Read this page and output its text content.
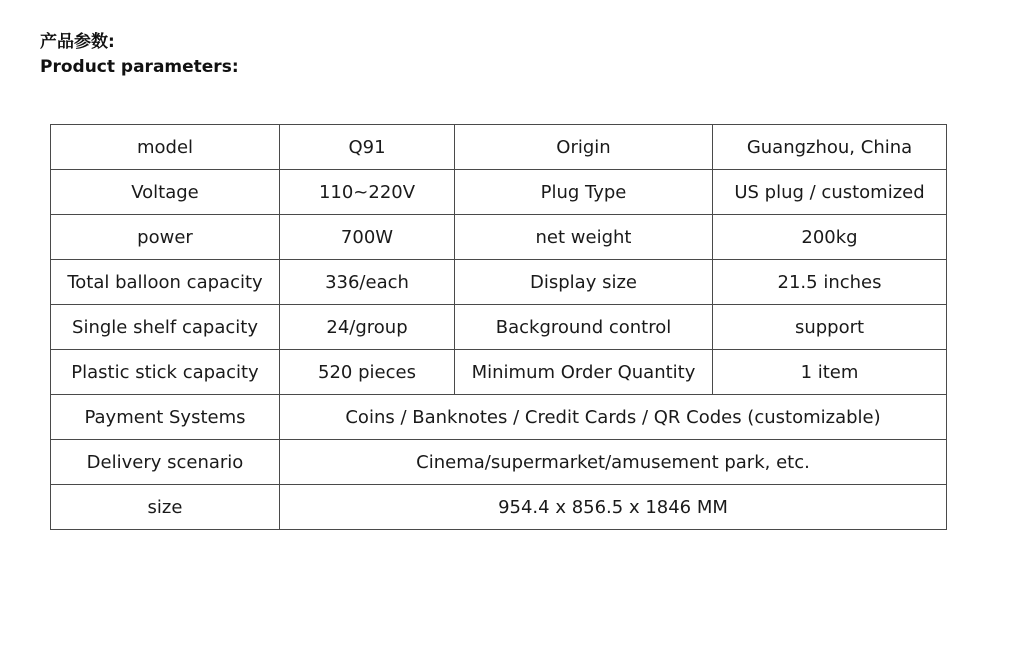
产品参数:
Product parameters:
model	Q91	Origin	Guangzhou, China
Voltage	110~220V	Plug Type	US plug / customized
power	700W	net weight	200kg
Total balloon capacity	336/each	Display size	21.5 inches
Single shelf capacity	24/group	Background control	support
Plastic stick capacity	520 pieces	Minimum Order Quantity	1 item
Payment Systems	Coins / Banknotes / Credit Cards / QR Codes (customizable)		
Delivery scenario	Cinema/supermarket/amusement park, etc.		
size	954.4 x 856.5 x 1846 MM		
